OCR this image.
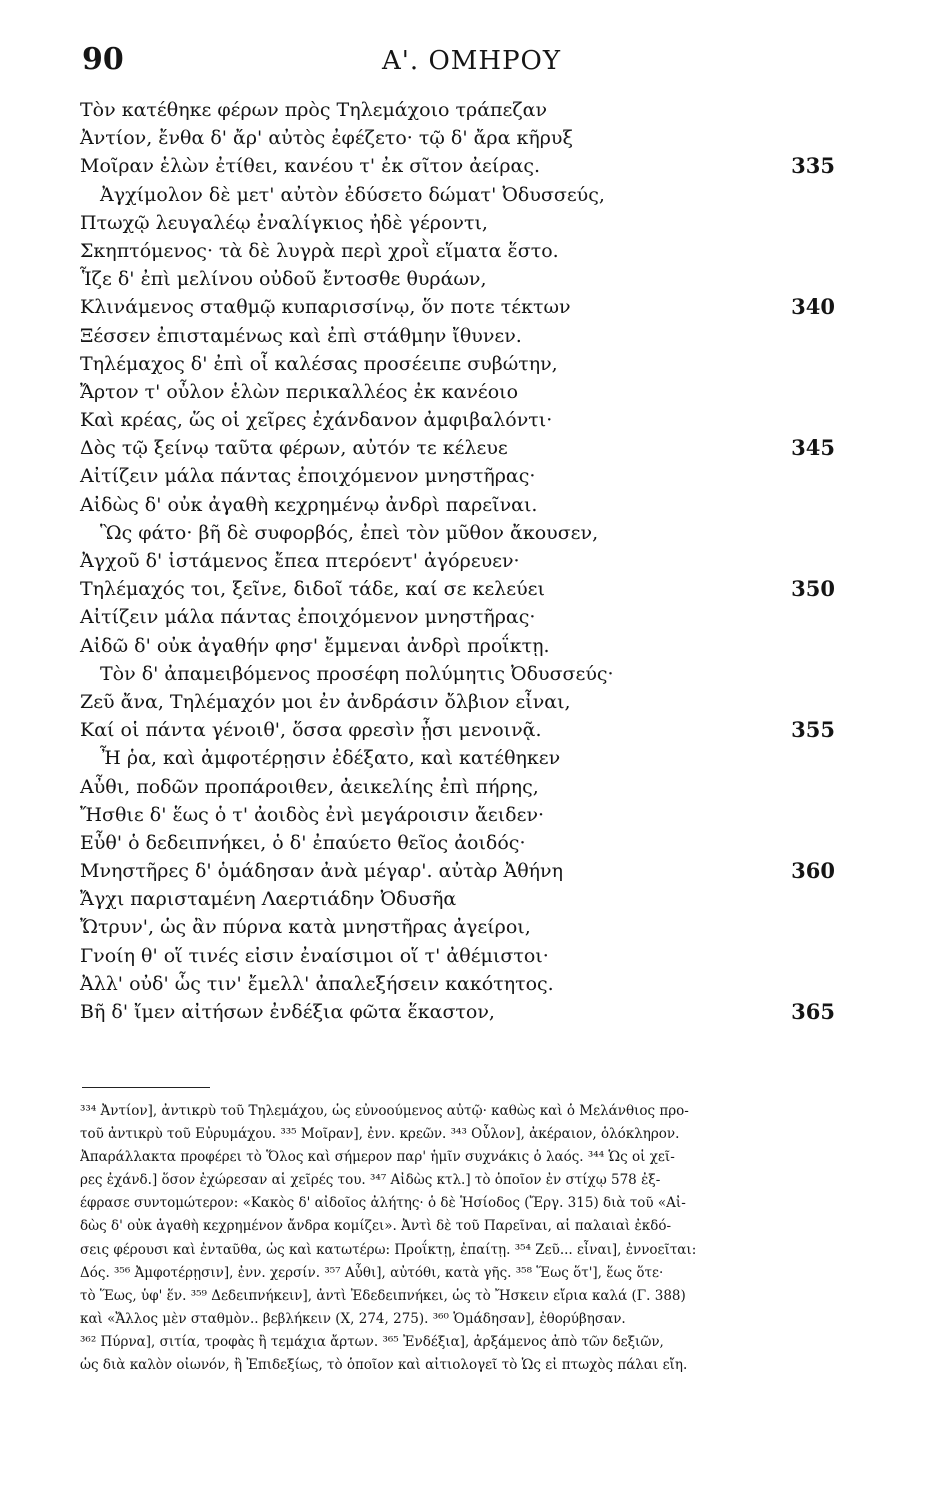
90	Α'. ΟΜΗΡΟΥ
Τὸν κατέθηκε φέρων πρὸς Τηλεμάχοιο τράπεζαν
Ἀντίον, ἔνθα δ' ἄρ' αὐτὸς ἐφέζετο· τῷ δ' ἄρα κῆρυξ
Μοῖραν ἑλὼν ἐτίθει, κανέου τ' ἐκ σῖτον ἀείρας.	335
Ἀγχίμολον δὲ μετ' αὐτὸν ἐδύσετο δώματ' Ὀδυσσεύς,
Πτωχῷ λευγαλέῳ ἐναλίγκιος ἠδὲ γέροντι,
Σκηπτόμενος· τὰ δὲ λυγρὰ περὶ χροῒ εἵματα ἕστο.
Ἷζε δ' ἐπὶ μελίνου οὐδοῦ ἔντοσθε θυράων,
Κλινάμενος σταθμῷ κυπαρισσίνῳ, ὅν ποτε τέκτων	340
Ξέσσεν ἐπισταμένως καὶ ἐπὶ στάθμην ἴθυνεν.
Τηλέμαχος δ' ἐπὶ οἷ καλέσας προσέειπε συβώτην,
Ἄρτον τ' οὖλον ἑλὼν περικαλλέος ἐκ κανέοιο
Καὶ κρέας, ὥς οἱ χεῖρες ἐχάνδανον ἀμφιβαλόντι·
Δὸς τῷ ξείνῳ ταῦτα φέρων, αὐτόν τε κέλευε	345
Αἰτίζειν μάλα πάντας ἐποιχόμενον μνηστῆρας·
Αἰδὼς δ' οὐκ ἀγαθὴ κεχρημένῳ ἀνδρὶ παρεῖναι.
Ὣς φάτο· βῆ δὲ συφορβός, ἐπεὶ τὸν μῦθον ἄκουσεν,
Ἀγχοῦ δ' ἱστάμενος ἔπεα πτερόεντ' ἀγόρευεν·
Τηλέμαχός τοι, ξεῖνε, διδοῖ τάδε, καί σε κελεύει	350
Αἰτίζειν μάλα πάντας ἐποιχόμενον μνηστῆρας·
Αἰδῶ δ' οὐκ ἀγαθήν φησ' ἔμμεναι ἀνδρὶ προΐκτῃ.
Τὸν δ' ἀπαμειβόμενος προσέφη πολύμητις Ὀδυσσεύς·
Ζεῦ ἄνα, Τηλέμαχόν μοι ἐν ἀνδράσιν ὄλβιον εἶναι,
Καί οἱ πάντα γένοιθ', ὅσσα φρεσὶν ᾗσι μενοινᾷ.	355
Ἦ ῥα, καὶ ἀμφοτέρῃσιν ἐδέξατο, καὶ κατέθηκεν
Αὖθι, ποδῶν προπάροιθεν, ἀεικελίης ἐπὶ πήρης,
Ἤσθιε δ' ἕως ὁ τ' ἀοιδὸς ἐνὶ μεγάροισιν ἄειδεν·
Εὖθ' ὁ δεδειπνήκει, ὁ δ' ἐπαύετο θεῖος ἀοιδός·
Μνηστῆρες δ' ὁμάδησαν ἀνὰ μέγαρ'. αὐτὰρ Ἀθήνη	360
Ἄγχι παρισταμένη Λαερτιάδην Ὀδυσῆα
Ὤτρυν', ὡς ἂν πύρνα κατὰ μνηστῆρας ἀγείροι,
Γνοίη θ' οἵ τινές εἰσιν ἐναίσιμοι οἵ τ' ἀθέμιστοι·
Ἀλλ' οὐδ' ὧς τιν' ἔμελλ' ἀπαλεξήσειν κακότητος.
Βῆ δ' ἴμεν αἰτήσων ἐνδέξια φῶτα ἕκαστον,	365
³³⁴ Ἀντίον], ἀντικρὺ τοῦ Τηλεμάχου, ὡς εὐνοούμενος αὐτῷ· καθὼς καὶ ὁ Μελάνθιος προ-
τοῦ ἀντικρὺ τοῦ Εὐρυμάχου. ³³⁵ Μοῖραν], ἐνν. κρεῶν. ³⁴³ Οὖλον], ἀκέραιον, ὁλόκληρον.
Ἀπαράλλακτα προφέρει τὸ Ὅλος καὶ σήμερον παρ' ἡμῖν συχνάκις ὁ λαός. ³⁴⁴ Ὡς οἱ χεῖ-
ρες ἐχάνδ.] ὅσον ἐχώρεσαν αἱ χεῖρές του. ³⁴⁷ Αἰδὼς κτλ.] τὸ ὁποῖον ἐν στίχῳ 578 ἐξ-
έφρασε συντομώτερον: «Κακὸς δ' αἰδοῖος ἀλήτης· ὁ δὲ Ἡσίοδος (Ἔργ. 315) διὰ τοῦ «Αἰ-
δὼς δ' οὐκ ἀγαθὴ κεχρημένον ἄνδρα κομίζει». Ἀντὶ δὲ τοῦ Παρεῖναι, αἱ παλαιαὶ ἐκδό-
σεις φέρουσι καὶ ἐνταῦθα, ὡς καὶ κατωτέρω: Προΐκτῃ, ἐπαίτῃ. ³⁵⁴ Ζεῦ... εἶναι], ἐννοεῖται:
Δός. ³⁵⁶ Ἀμφοτέρῃσιν], ἐνν. χερσίν. ³⁵⁷ Αὖθι], αὐτόθι, κατὰ γῆς. ³⁵⁸ Ἕως ὅτ'], ἕως ὅτε·
τὸ Ἕως, ὑφ' ἕν. ³⁵⁹ Δεδειπνήκειν], ἀντὶ Ἐδεδειπνήκει, ὡς τὸ Ἤσκειν εἴρια καλά (Γ. 388)
καὶ «Ἄλλος μὲν σταθμὸν.. βεβλήκειν (Χ, 274, 275). ³⁶⁰ Ὁμάδησαν], ἐθορύβησαν.
³⁶² Πύρνα], σιτία, τροφὰς ἢ τεμάχια ἄρτων. ³⁶⁵ Ἐνδέξια], ἀρξάμενος ἀπὸ τῶν δεξιῶν,
ὡς διὰ καλὸν οἰωνόν, ἢ Ἐπιδεξίως, τὸ ὁποῖον καὶ αἰτιολογεῖ τὸ Ὡς εἰ πτωχὸς πάλαι εἴη.
